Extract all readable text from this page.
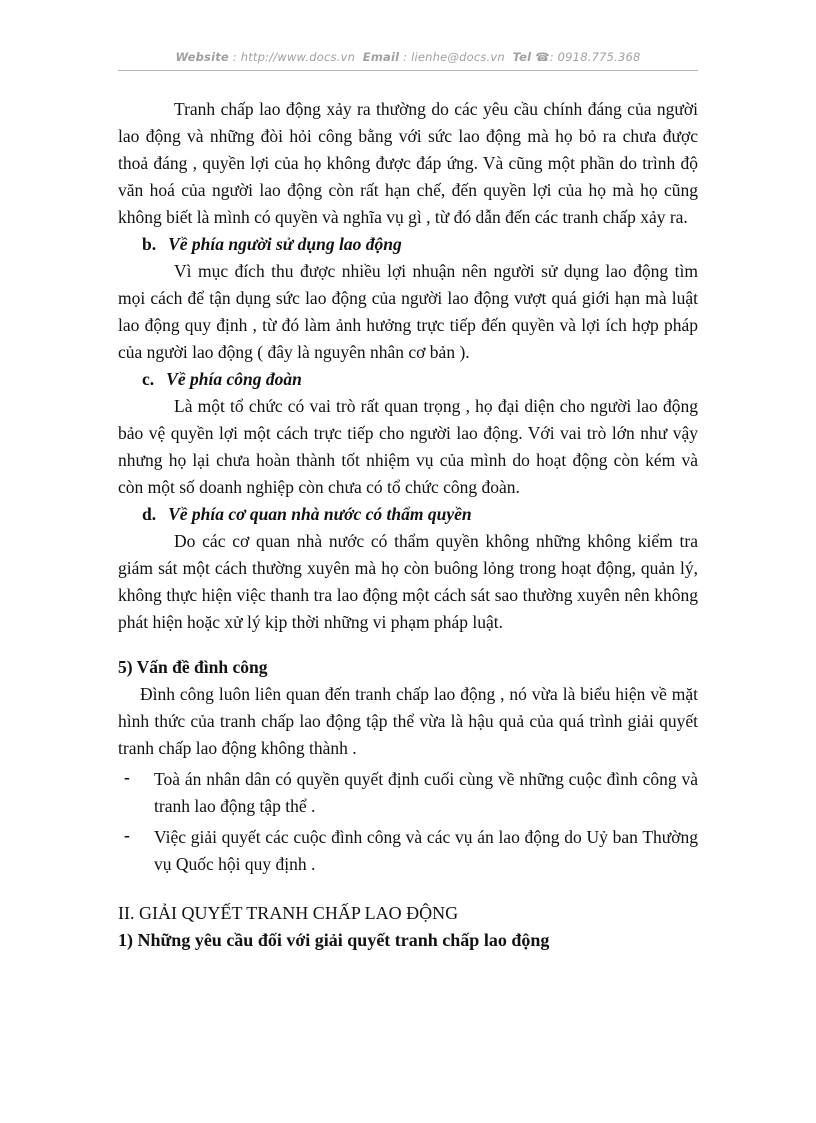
Website : http://www.docs.vn Email : lienhe@docs.vn Tel ☎: 0918.775.368

Tranh chấp lao động xảy ra thường do các yêu cầu chính đáng của người lao động và những đòi hỏi công bằng với sức lao động mà họ bỏ ra chưa được thoả đáng , quyền lợi của họ không được đáp ứng. Và cũng một phần do trình độ văn hoá của người lao động còn rất hạn chế, đến quyền lợi của họ mà họ cũng không biết là mình có quyền và nghĩa vụ gì , từ đó dẫn đến các tranh chấp xảy ra.

b. Về phía người sử dụng lao động

Vì mục đích thu được nhiều lợi nhuận nên người sử dụng lao động tìm mọi cách để tận dụng sức lao động của người lao động vượt quá giới hạn mà luật lao động quy định , từ đó làm ảnh hưởng trực tiếp đến quyền và lợi ích hợp pháp của người lao động ( đây là nguyên nhân cơ bản ).

c. Về phía công đoàn

Là một tổ chức có vai trò rất quan trọng , họ đại diện cho người lao động bảo vệ quyền lợi một cách trực tiếp cho người lao động. Với vai trò lớn như vậy nhưng họ lại chưa hoàn thành tốt nhiệm vụ của mình do hoạt động còn kém và còn một số doanh nghiệp còn chưa có tổ chức công đoàn.

d. Về phía cơ quan nhà nước có thẩm quyền

Do các cơ quan nhà nước có thẩm quyền không những không kiểm tra giám sát một cách thường xuyên mà họ còn buông lỏng trong hoạt động, quản lý, không thực hiện việc thanh tra lao động một cách sát sao thường xuyên nên không phát hiện hoặc xử lý kịp thời những vi phạm pháp luật.

5) Vấn đề đình công

Đình công luôn liên quan đến tranh chấp lao động , nó vừa là biểu hiện về mặt hình thức của tranh chấp lao động tập thể vừa là hậu quả của quá trình giải quyết tranh chấp lao động không thành .

- Toà án nhân dân có quyền quyết định cuối cùng về những cuộc đình công và tranh lao động tập thể .
- Việc giải quyết các cuộc đình công và các vụ án lao động do Uỷ ban Thường vụ Quốc hội quy định .

II. GIẢI QUYẾT TRANH CHẤP LAO ĐỘNG

1) Những yêu cầu đối với giải quyết tranh chấp lao động
